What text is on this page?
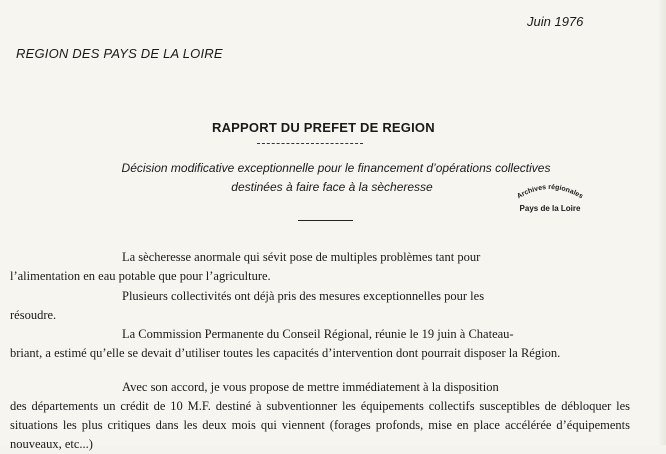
Juin 1976
REGION DES PAYS DE LA LOIRE
RAPPORT DU PREFET DE REGION
Décision modificative exceptionnelle pour le financement d’opérations collectives
destinées à faire face à la sècheresse
Archives régionales
Pays de la Loire
La sècheresse anormale qui sévit pose de multiples problèmes tant pour
l’alimentation en eau potable que pour l’agriculture.
Plusieurs collectivités ont déjà pris des mesures exceptionnelles pour les
résoudre.
La Commission Permanente du Conseil Régional, réunie le 19 juin à Chateau-
briant, a estimé qu’elle se devait d’utiliser toutes les capacités d’intervention dont pourrait disposer la Région.
Avec son accord, je vous propose de mettre immédiatement à la disposition
des départements un crédit de 10 M.F. destiné à subventionner les équipements collectifs susceptibles de débloquer les situations les plus critiques dans les deux mois qui viennent (forages profonds, mise en place accélérée d’équipements nouveaux, etc...)
